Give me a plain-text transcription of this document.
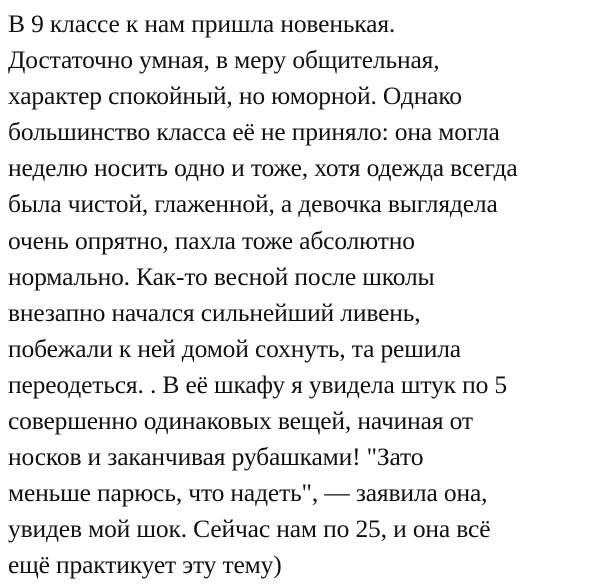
В 9 классе к нам пришла новенькая.
Достаточно умная, в меру общительная,
характер спокойный, но юморной. Однако
большинство класса её не приняло: она могла
неделю носить одно и тоже, хотя одежда всегда
была чистой, глаженной, а девочка выглядела
очень опрятно, пахла тоже абсолютно
нормально. Как-то весной после школы
внезапно начался сильнейший ливень,
побежали к ней домой сохнуть, та решила
переодеться. . В её шкафу я увидела штук по 5
совершенно одинаковых вещей, начиная от
носков и заканчивая рубашками! "Зато
меньше парюсь, что надеть", — заявила она,
увидев мой шок. Сейчас нам по 25, и она всё
ещё практикует эту тему)
